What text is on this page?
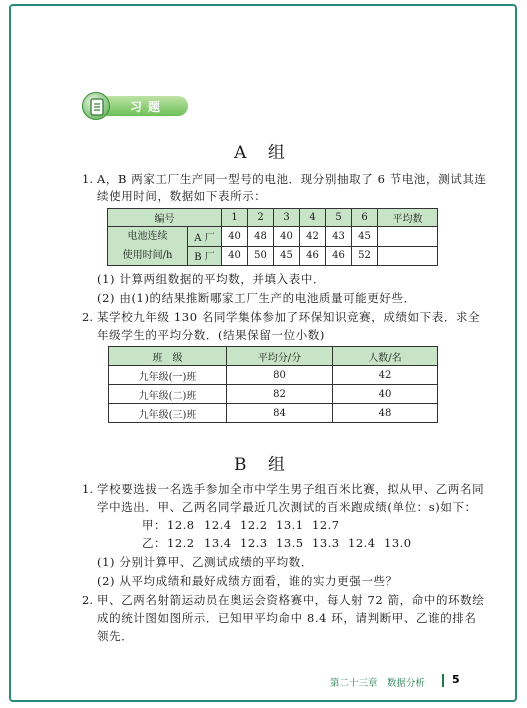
习题
A 组
1. A，B 两家工厂生产同一型号的电池．现分别抽取了 6 节电池，测试其连
续使用时间，数据如下表所示：
编号		1	2	3	4	5	6	平均数

电池连续
使用时间/h	A 厂	40	48	40	42	43	45	
	B 厂	40	50	45	46	46	52	
(1) 计算两组数据的平均数，并填入表中．
(2) 由(1)的结果推断哪家工厂生产的电池质量可能更好些．
2. 某学校九年级 130 名同学集体参加了环保知识竞赛，成绩如下表．求全
年级学生的平均分数．(结果保留一位小数)
班　级	平均分/分	人数/名
九年级(一)班	80	42
九年级(二)班	82	40
九年级(三)班	84	48
B 组
1. 学校要选拔一名选手参加全市中学生男子组百米比赛，拟从甲、乙两名同
学中选出．甲、乙两名同学最近几次测试的百米跑成绩(单位：s)如下：
甲： 12.8 12.4 12.2 13.1 12.7
乙： 12.2 13.4 12.3 13.5 13.3 12.4 13.0
(1) 分别计算甲、乙测试成绩的平均数．
(2) 从平均成绩和最好成绩方面看，谁的实力更强一些？
2. 甲、乙两名射箭运动员在奥运会资格赛中，每人射 72 箭，命中的环数绘
成的统计图如图所示．已知甲平均命中 8.4 环，请判断甲、乙谁的排名
领先．
第二十三章　数据分析 5
